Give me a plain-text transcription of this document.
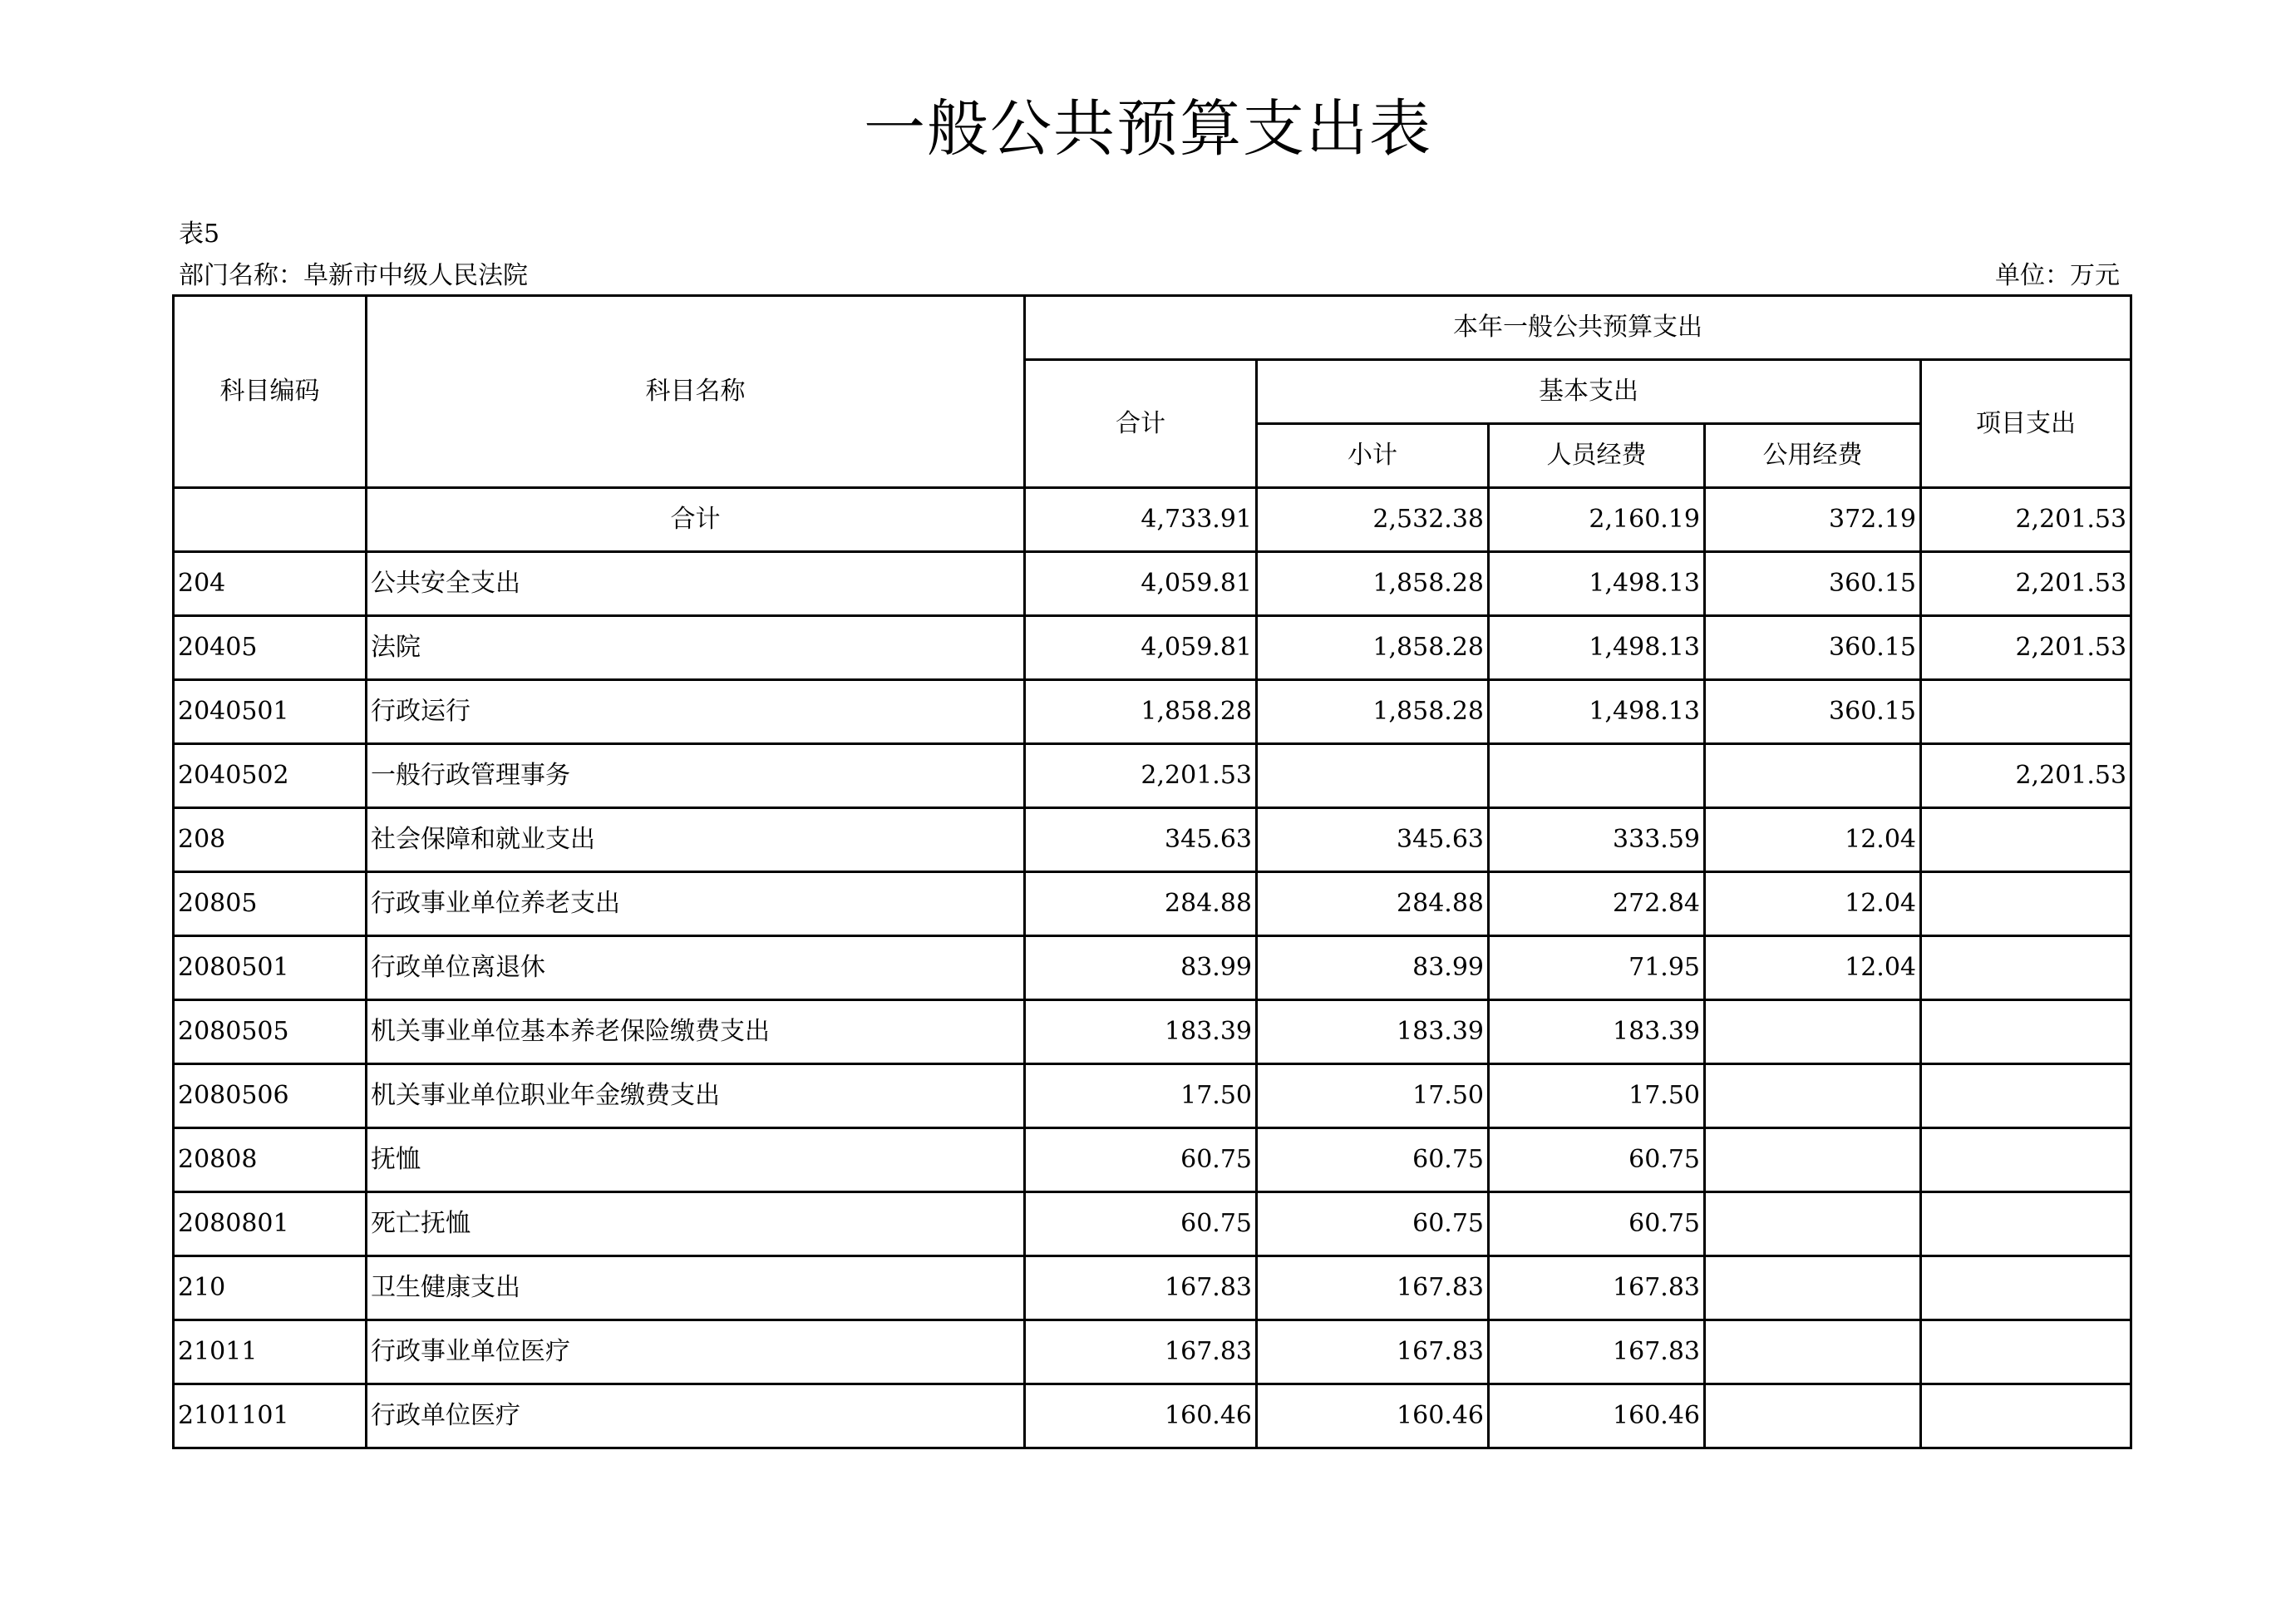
一般公共预算支出表
表5
部门名称：阜新市中级人民法院	单位：万元
科目编码	科目名称	本年一般公共预算支出				
		合计	基本支出			项目支出
			小计	人员经费	公用经费	
	合计	4,733.91	2,532.38	2,160.19	372.19	2,201.53
204	公共安全支出	4,059.81	1,858.28	1,498.13	360.15	2,201.53
20405	法院	4,059.81	1,858.28	1,498.13	360.15	2,201.53
2040501	行政运行	1,858.28	1,858.28	1,498.13	360.15	
2040502	一般行政管理事务	2,201.53				2,201.53
208	社会保障和就业支出	345.63	345.63	333.59	12.04	
20805	行政事业单位养老支出	284.88	284.88	272.84	12.04	
2080501	行政单位离退休	83.99	83.99	71.95	12.04	
2080505	机关事业单位基本养老保险缴费支出	183.39	183.39	183.39		
2080506	机关事业单位职业年金缴费支出	17.50	17.50	17.50		
20808	抚恤	60.75	60.75	60.75		
2080801	死亡抚恤	60.75	60.75	60.75		
210	卫生健康支出	167.83	167.83	167.83		
21011	行政事业单位医疗	167.83	167.83	167.83		
2101101	行政单位医疗	160.46	160.46	160.46		
